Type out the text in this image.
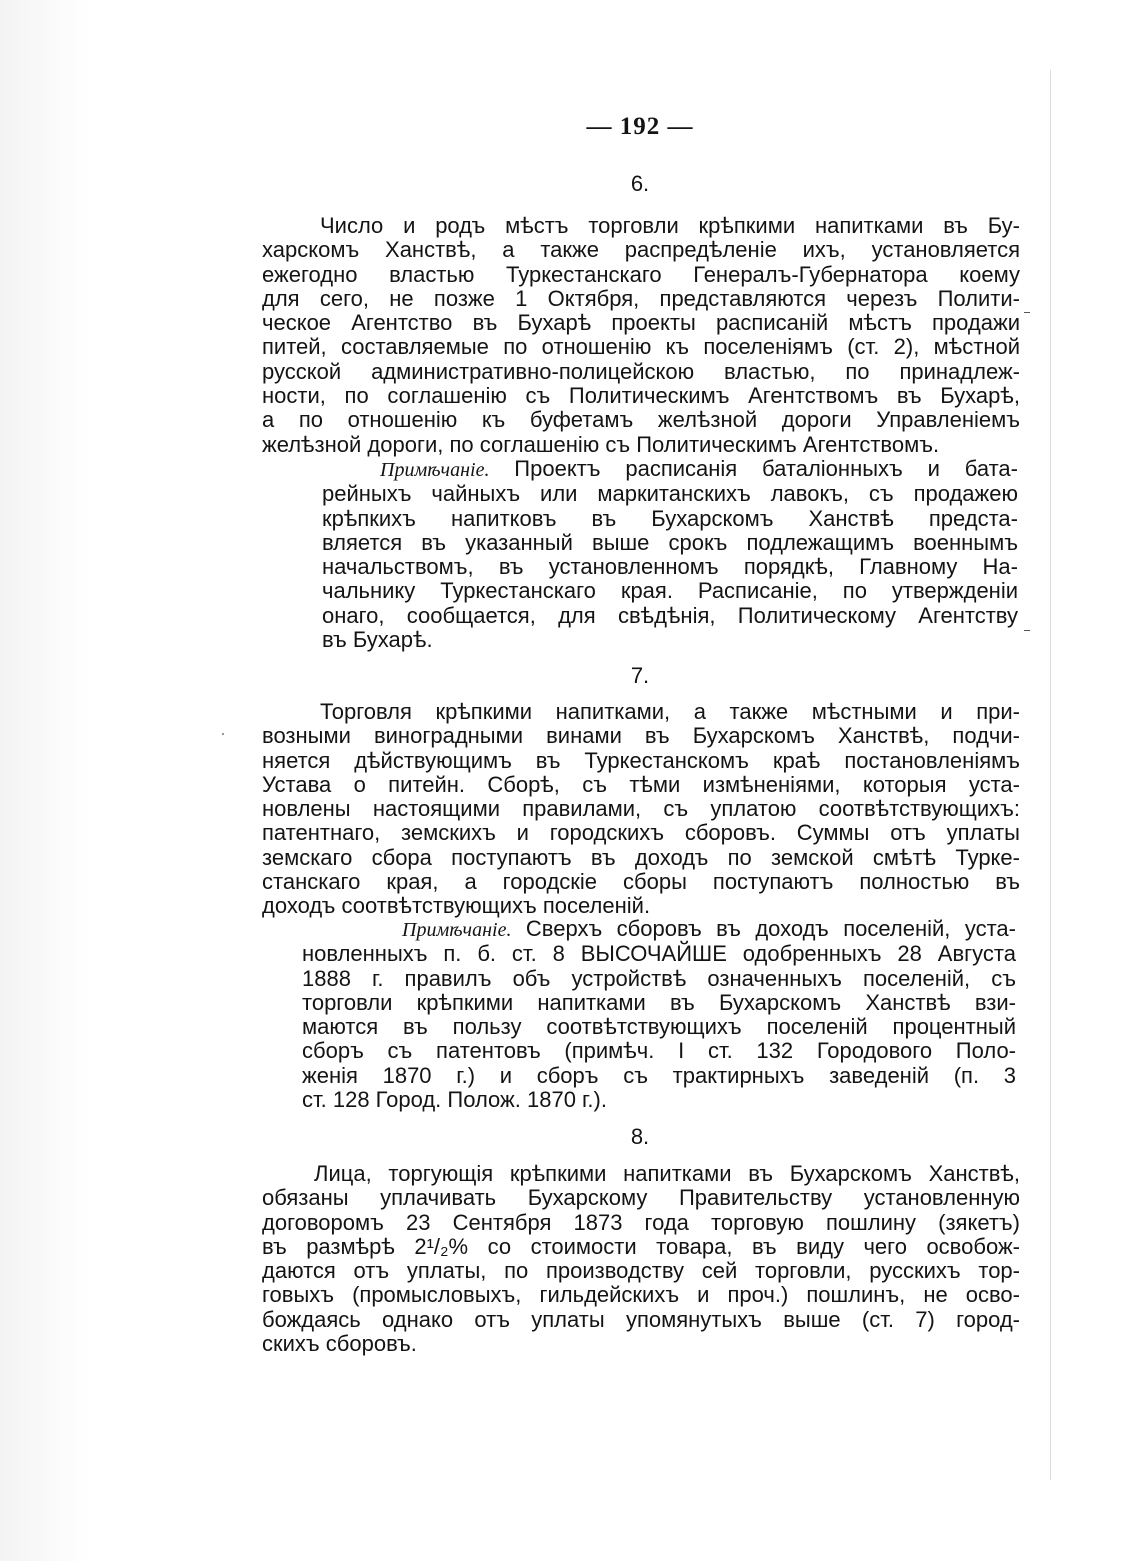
— 192 —
6.
Число и родъ мѣстъ торговли крѣпкими напитками въ Бу-
харскомъ Ханствѣ, а также распредѣленіе ихъ, установляется
ежегодно властью Туркестанскаго Генералъ-Губернатора коему
для сего, не позже 1 Октября, представляются черезъ Полити-
ческое Агентство въ Бухарѣ проекты расписаній мѣстъ продажи
питей, составляемые по отношенію къ поселеніямъ (ст. 2), мѣстной
русской административно-полицейскою властью, по принадлеж-
ности, по соглашенію съ Политическимъ Агентствомъ въ Бухарѣ,
а по отношенію къ буфетамъ желѣзной дороги Управленіемъ
желѣзной дороги, по соглашенію съ Политическимъ Агентствомъ.
Примѣчаніе. Проектъ расписанія баталіонныхъ и бата-
рейныхъ чайныхъ или маркитанскихъ лавокъ, съ продажею
крѣпкихъ напитковъ въ Бухарскомъ Ханствѣ предста-
вляется въ указанный выше срокъ подлежащимъ военнымъ
начальствомъ, въ установленномъ порядкѣ, Главному На-
чальнику Туркестанскаго края. Расписаніе, по утвержденіи
онаго, сообщается, для свѣдѣнія, Политическому Агентству
въ Бухарѣ.
7.
Торговля крѣпкими напитками, а также мѣстными и при-
возными виноградными винами въ Бухарскомъ Ханствѣ, подчи-
няется дѣйствующимъ въ Туркестанскомъ краѣ постановленіямъ
Устава о питейн. Сборѣ, съ тѣми измѣненіями, которыя уста-
новлены настоящими правилами, съ уплатою соотвѣтствующихъ:
патентнаго, земскихъ и городскихъ сборовъ. Суммы отъ уплаты
земскаго сбора поступаютъ въ доходъ по земской смѣтѣ Турке-
станскаго края, а городскіе сборы поступаютъ полностью въ
доходъ соотвѣтствующихъ поселеній.
Примѣчаніе. Сверхъ сборовъ въ доходъ поселеній, уста-
новленныхъ п. б. ст. 8 ВЫСОЧАЙШЕ одобренныхъ 28 Августа
1888 г. правилъ объ устройствѣ означенныхъ поселеній, съ
торговли крѣпкими напитками въ Бухарскомъ Ханствѣ взи-
маются въ пользу соотвѣтствующихъ поселеній процентный
сборъ съ патентовъ (примѣч. I ст. 132 Городового Поло-
женія 1870 г.) и сборъ съ трактирныхъ заведеній (п. 3
ст. 128 Город. Полож. 1870 г.).
8.
Лица, торгующія крѣпкими напитками въ Бухарскомъ Ханствѣ,
обязаны уплачивать Бухарскому Правительству установленную
договоромъ 23 Сентября 1873 года торговую пошлину (зякетъ)
въ размѣрѣ 2¹/₂% со стоимости товара, въ виду чего освобож-
даются отъ уплаты, по производству сей торговли, русскихъ тор-
говыхъ (промысловыхъ, гильдейскихъ и проч.) пошлинъ, не осво-
бождаясь однако отъ уплаты упомянутыхъ выше (ст. 7) город-
скихъ сборовъ.
